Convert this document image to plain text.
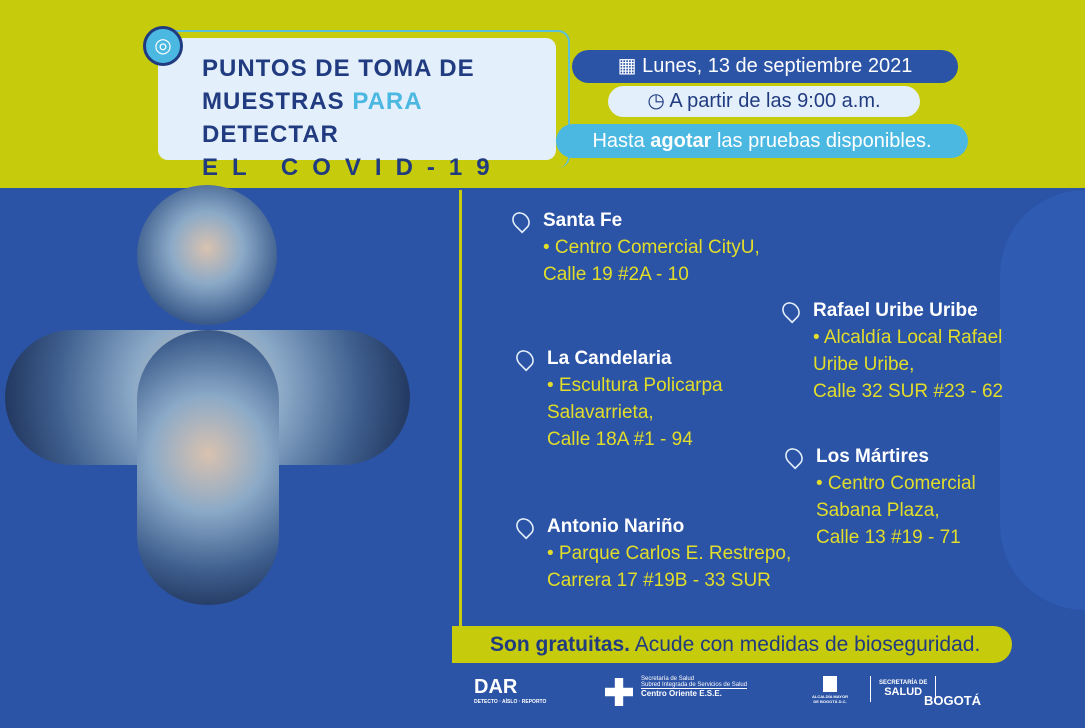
PUNTOS DE TOMA DE
MUESTRAS PARA DETECTAR
EL COVID-19
◎
▦ Lunes, 13 de septiembre 2021
◷ A partir de las 9:00 a.m.
Hasta agotar las pruebas disponibles.
Santa Fe
• Centro Comercial CityU,
Calle 19 #2A - 10
La Candelaria
• Escultura Policarpa
Salavarrieta,
Calle 18A #1 - 94
Antonio Nariño
• Parque Carlos E. Restrepo,
Carrera 17 #19B - 33 SUR
Rafael Uribe Uribe
• Alcaldía Local Rafael
Uribe Uribe,
Calle 32 SUR #23 - 62
Los Mártires
• Centro Comercial
Sabana Plaza,
Calle 13 #19 - 71
Son gratuitas. Acude con medidas de bioseguridad.
DAR
DETECTO · AÍSLO · REPORTO
Secretaría de Salud
Subred Integrada de Servicios de Salud
Centro Oriente E.S.E.	ALCALDÍA MAYOR DE BOGOTÁ D.C.
SECRETARÍA DE
SALUD
BOGOTÁ
